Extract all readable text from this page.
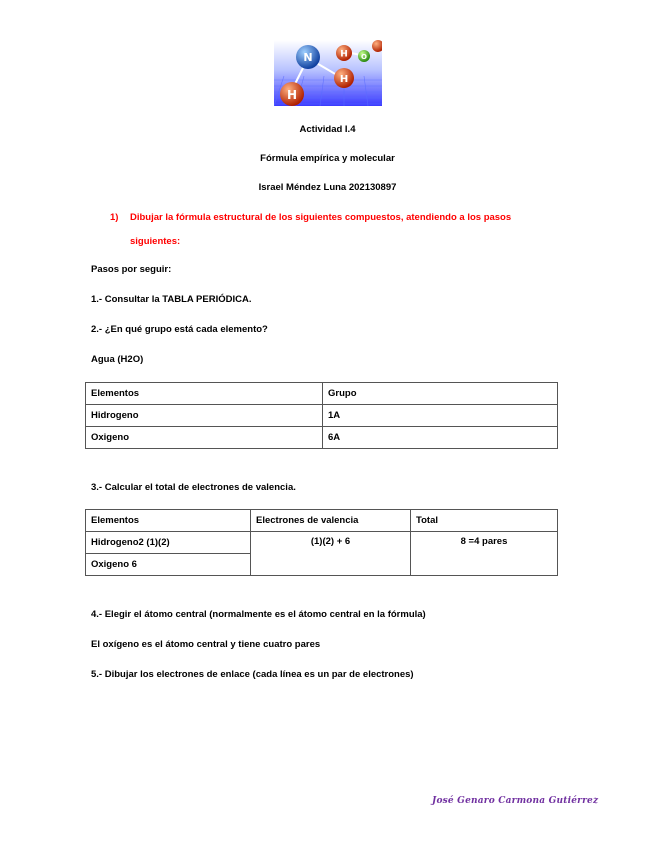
N	H O
H
H
Actividad I.4
Fórmula empírica y molecular
Israel Méndez Luna 202130897
1) Dibujar la fórmula estructural de los siguientes compuestos, atendiendo a los pasos
siguientes:
Pasos por seguir:
1.- Consultar la TABLA PERIÓDICA.
2.- ¿En qué grupo está cada elemento?
Agua (H2O)
Elementos	Grupo
Hidrogeno	1A
Oxigeno	6A
3.- Calcular el total de electrones de valencia.
Elementos	Electrones de valencia	Total
Hidrogeno2 (1)(2)	(1)(2) + 6	8 =4 pares
Oxigeno 6		
4.- Elegir el átomo central (normalmente es el átomo central en la fórmula)
El oxígeno es el átomo central y tiene cuatro pares
5.- Dibujar los electrones de enlace (cada línea es un par de electrones)
José Genaro Carmona Gutiérrez
